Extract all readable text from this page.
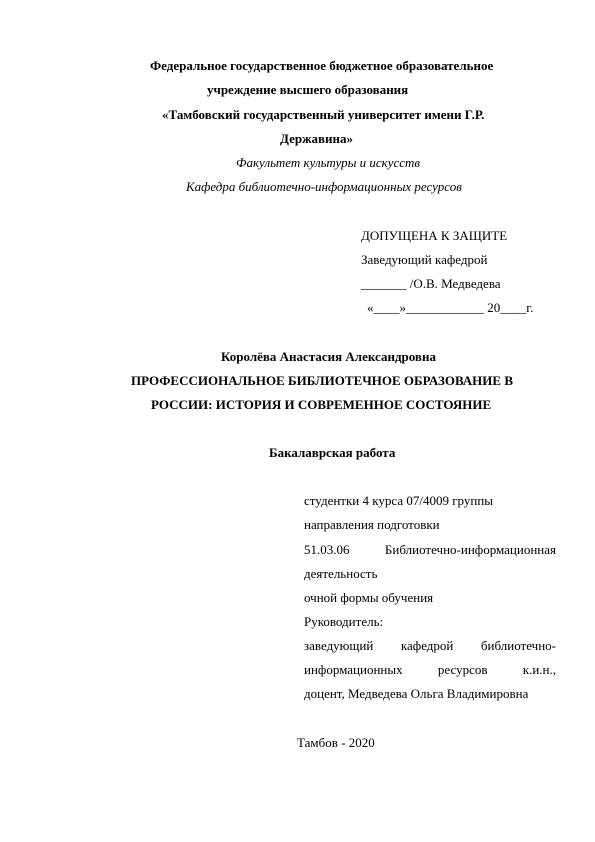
Федеральное государственное бюджетное образовательное
учреждение высшего образования
«Тамбовский государственный университет имени Г.Р.
Державина»
Факультет культуры и искусств
Кафедра библиотечно-информационных ресурсов
ДОПУЩЕНА К ЗАЩИТЕ
Заведующий кафедрой
_______ /О.В. Медведева
«____»____________ 20____г.
Королёва Анастасия Александровна
ПРОФЕССИОНАЛЬНОЕ БИБЛИОТЕЧНОЕ ОБРАЗОВАНИЕ В
РОССИИ: ИСТОРИЯ И СОВРЕМЕННОЕ СОСТОЯНИЕ
Бакалаврская работа
студентки 4 курса 07/4009 группы
направления подготовки
51.03.06	Библиотечно-информационная
деятельность
очной формы обучения
Руководитель:
заведующий кафедрой библиотечно-
информационных	ресурсов	к.и.н.,
доцент, Медведева Ольга Владимировна
Тамбов - 2020
